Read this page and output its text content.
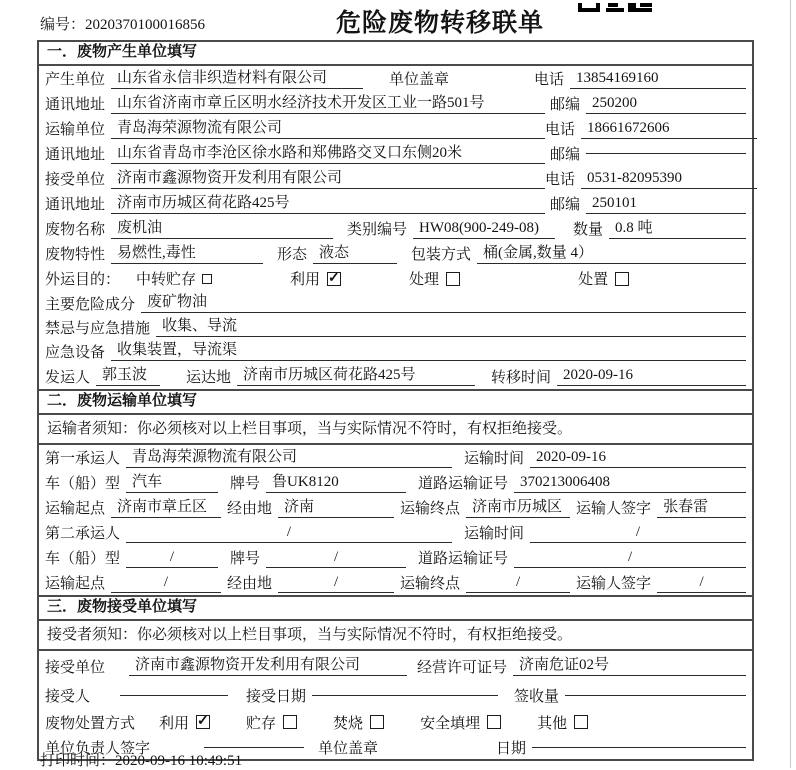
编号：2020370100016856	危险废物转移联单
一．废物产生单位填写
产生单位 山东省永信非织造材料有限公司	单位盖章	电话 13854169160
通讯地址 山东省济南市章丘区明水经济技术开发区工业一路501号	邮编 250200
运输单位 青岛海荣源物流有限公司	电话 18661672606
通讯地址 山东省青岛市李沧区徐水路和郑佛路交叉口东侧20米	邮编
接受单位 济南市鑫源物资开发利用有限公司	电话 0531-82095390
通讯地址 济南市历城区荷花路425号	邮编 250101
废物名称 废机油	类别编号 HW08(900-249-08)	数量 0.8 吨
废物特性 易燃性,毒性	形态 液态	包装方式 桶(金属,数量 4）
外运目的： 中转贮存	利用 ✓	处理	处置
主要危险成分 废矿物油
禁忌与应急措施 收集、导流
应急设备 收集装置，导流渠
发运人 郭玉波	运达地 济南市历城区荷花路425号	转移时间 2020-09-16
二．废物运输单位填写
运输者须知：你必须核对以上栏目事项，当与实际情况不符时，有权拒绝接受。
第一承运人 青岛海荣源物流有限公司	运输时间 2020-09-16
车（船）型 汽车	牌号 鲁UK8120	道路运输证号 370213006408
运输起点 济南市章丘区	经由地 济南	运输终点 济南市历城区 运输人签字 张春雷
第二承运人	/	运输时间	/
车（船）型	/	牌号	/	道路运输证号	/
运输起点	/	经由地	/	运输终点	/	运输人签字	/
三．废物接受单位填写
接受者须知：你必须核对以上栏目事项，当与实际情况不符时，有权拒绝接受。
接受单位	济南市鑫源物资开发利用有限公司	经营许可证号 济南危证02号
接受人	接受日期	签收量
废物处置方式 利用 ✓	贮存	焚烧	安全填埋	其他
单位负责人签字	单位盖章	日期
打印时间：2020-09-16 10:49:51
